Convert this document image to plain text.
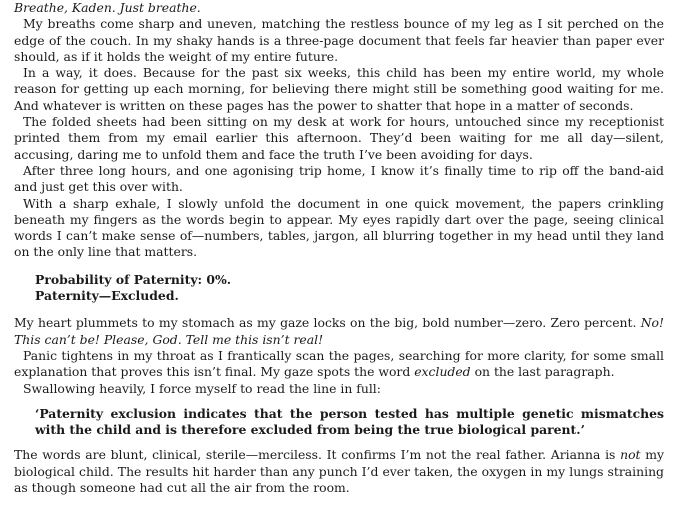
Breathe, Kaden. Just breathe.

My breaths come sharp and uneven, matching the restless bounce of my leg as I sit perched on the edge of the couch. In my shaky hands is a three-page document that feels far heavier than paper ever should, as if it holds the weight of my entire future.

In a way, it does. Because for the past six weeks, this child has been my entire world, my whole reason for getting up each morning, for believing there might still be something good waiting for me. And whatever is written on these pages has the power to shatter that hope in a matter of seconds.

The folded sheets had been sitting on my desk at work for hours, untouched since my receptionist printed them from my email earlier this afternoon. They’d been waiting for me all day—silent, accusing, daring me to unfold them and face the truth I’ve been avoiding for days.

After three long hours, and one agonising trip home, I know it’s finally time to rip off the band-aid and just get this over with.

With a sharp exhale, I slowly unfold the document in one quick movement, the papers crinkling beneath my fingers as the words begin to appear. My eyes rapidly dart over the page, seeing clinical words I can’t make sense of—numbers, tables, jargon, all blurring together in my head until they land on the only line that matters.

Probability of Paternity: 0%.

Paternity—Excluded.

My heart plummets to my stomach as my gaze locks on the big, bold number—zero. Zero percent. No! This can’t be! Please, God. Tell me this isn’t real!

Panic tightens in my throat as I frantically scan the pages, searching for more clarity, for some small explanation that proves this isn’t final. My gaze spots the word excluded on the last paragraph.

Swallowing heavily, I force myself to read the line in full:

‘Paternity exclusion indicates that the person tested has multiple genetic mismatches with the child and is therefore excluded from being the true biological parent.’

The words are blunt, clinical, sterile—merciless. It confirms I’m not the real father. Arianna is not my biological child. The results hit harder than any punch I’d ever taken, the oxygen in my lungs straining as though someone had cut all the air from the room.
